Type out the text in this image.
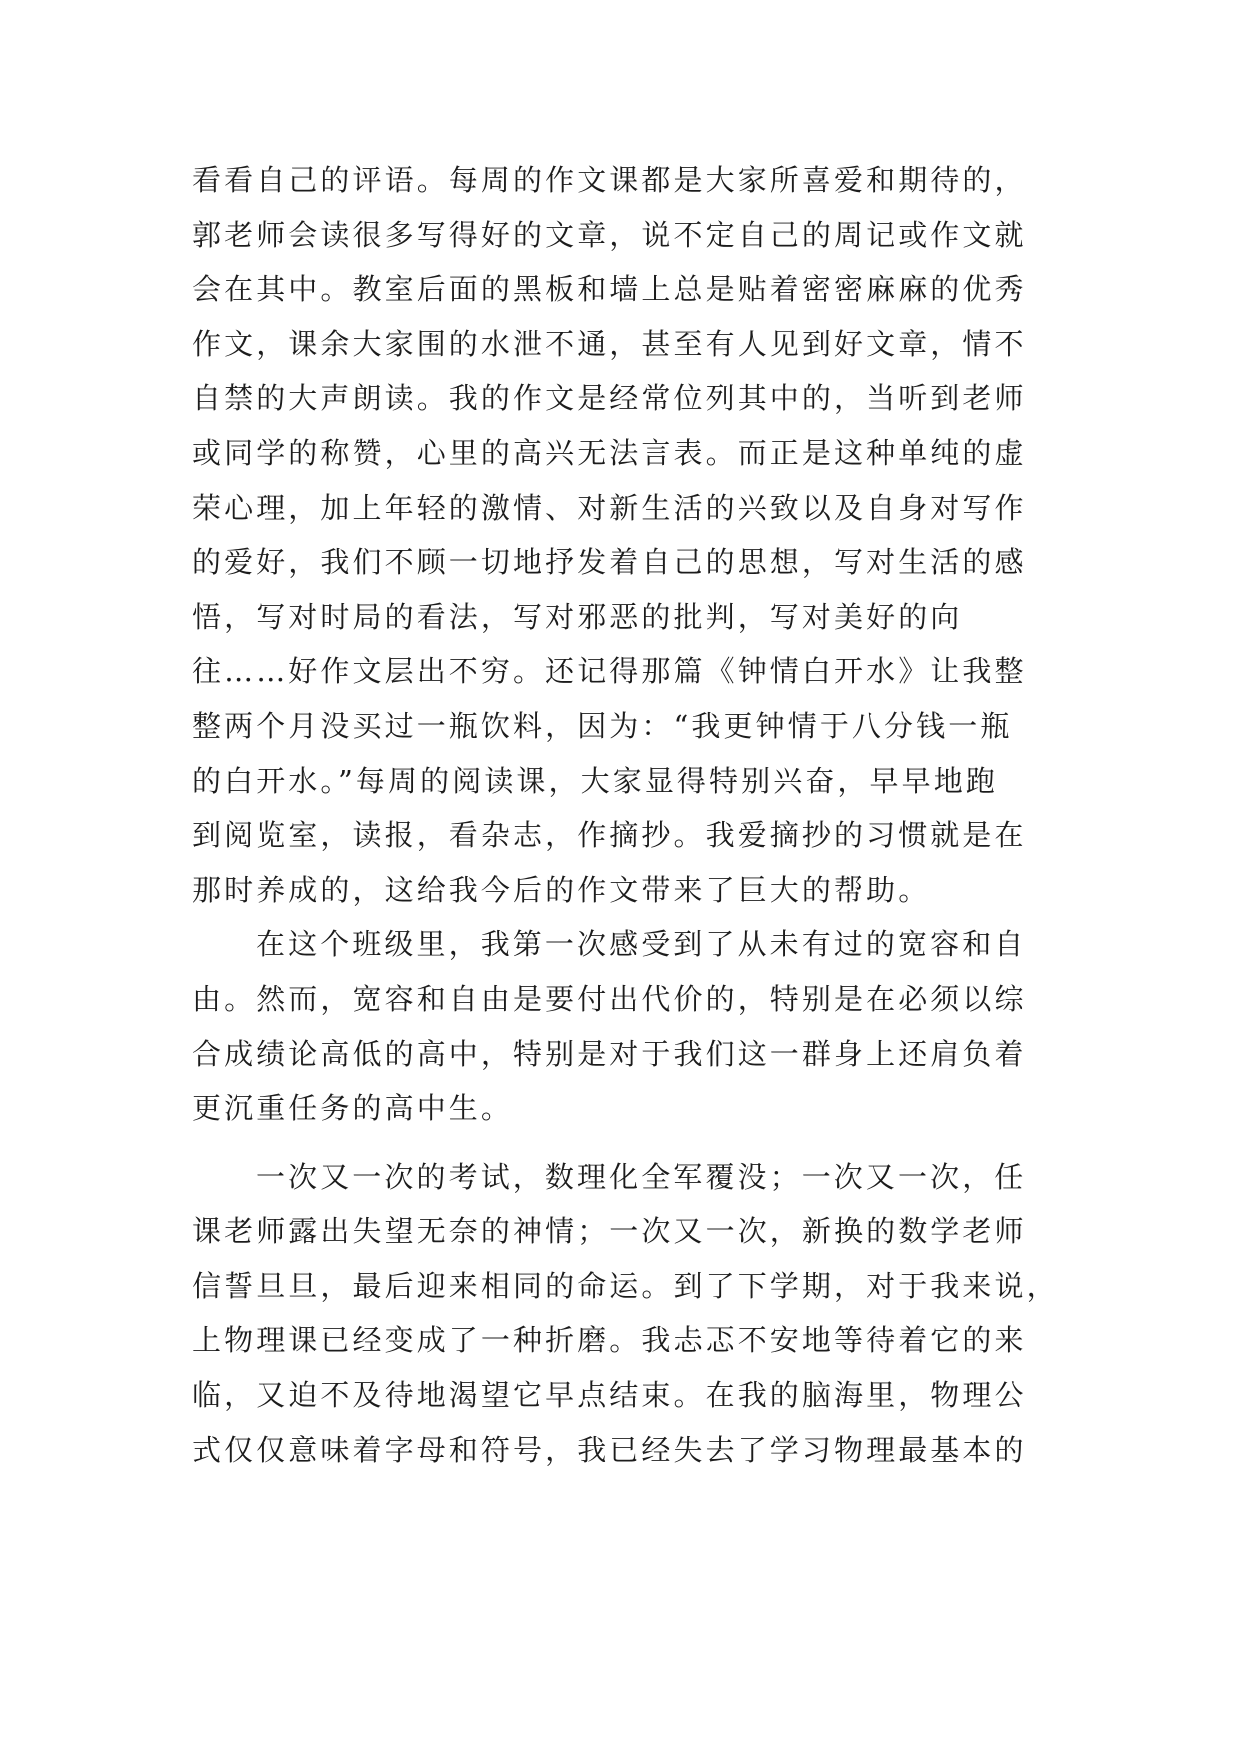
看看自己的评语。每周的作文课都是大家所喜爱和期待的，
郭老师会读很多写得好的文章，说不定自己的周记或作文就
会在其中。教室后面的黑板和墙上总是贴着密密麻麻的优秀
作文，课余大家围的水泄不通，甚至有人见到好文章，情不
自禁的大声朗读。我的作文是经常位列其中的，当听到老师
或同学的称赞，心里的高兴无法言表。而正是这种单纯的虚
荣心理，加上年轻的激情、对新生活的兴致以及自身对写作
的爱好，我们不顾一切地抒发着自己的思想，写对生活的感
悟，写对时局的看法，写对邪恶的批判，写对美好的向
往……好作文层出不穷。还记得那篇《钟情白开水》让我整
整两个月没买过一瓶饮料，因为：“我更钟情于八分钱一瓶
的白开水。”每周的阅读课，大家显得特别兴奋，早早地跑
到阅览室，读报，看杂志，作摘抄。我爱摘抄的习惯就是在
那时养成的，这给我今后的作文带来了巨大的帮助。
在这个班级里，我第一次感受到了从未有过的宽容和自
由。然而，宽容和自由是要付出代价的，特别是在必须以综
合成绩论高低的高中，特别是对于我们这一群身上还肩负着
更沉重任务的高中生。
一次又一次的考试，数理化全军覆没；一次又一次，任
课老师露出失望无奈的神情；一次又一次，新换的数学老师
信誓旦旦，最后迎来相同的命运。到了下学期，对于我来说，
上物理课已经变成了一种折磨。我忐忑不安地等待着它的来
临，又迫不及待地渴望它早点结束。在我的脑海里，物理公
式仅仅意味着字母和符号，我已经失去了学习物理最基本的
